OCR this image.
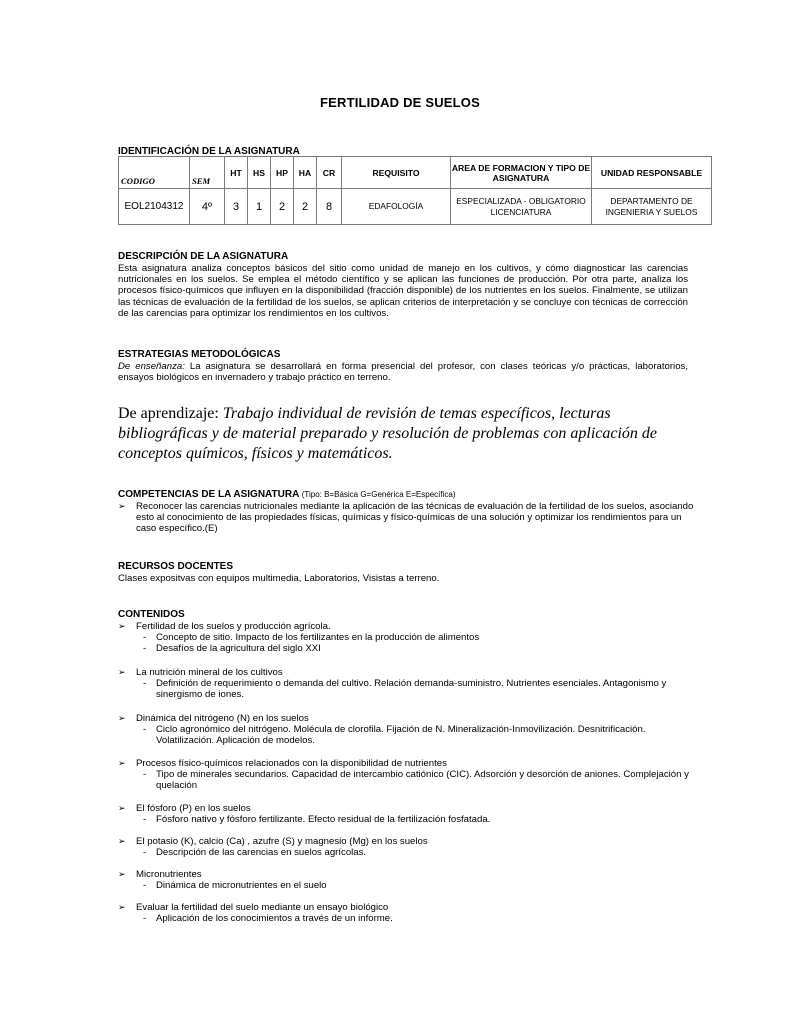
FERTILIDAD DE SUELOS
IDENTIFICACIÓN DE LA ASIGNATURA
CODIGO	SEM	HT	HS	HP	HA	CR	REQUISITO	AREA DE FORMACION Y TIPO DE ASIGNATURA	UNIDAD RESPONSABLE
EOL2104312	4º	3	1	2	2	8	EDAFOLOGÍA	ESPECIALIZADA - OBLIGATORIO LICENCIATURA	DEPARTAMENTO DE INGENIERIA Y SUELOS
DESCRIPCIÓN DE LA ASIGNATURA
Esta asignatura analiza conceptos básicos del sitio como unidad de manejo en los cultivos, y cómo diagnosticar las carencias nutricionales en los suelos. Se emplea el método científico y se aplican las funciones de producción. Por otra parte, analiza los procesos físico-químicos que influyen en la disponibilidad (fracción disponible) de los nutrientes en los suelos. Finalmente, se utilizan las técnicas de evaluación de la fertilidad de los suelos, se aplican criterios de interpretación y se concluye con técnicas de corrección de las carencias para optimizar los rendimientos en los cultivos.
ESTRATEGIAS METODOLÓGICAS
De enseñanza: La asignatura se desarrollará en forma presencial del profesor, con clases teóricas y/o prácticas, laboratorios, ensayos biológicos en invernadero y trabajo práctico en terreno.
De aprendizaje: Trabajo individual de revisión de temas específicos, lecturas bibliográficas y de material preparado y resolución de problemas con aplicación de conceptos químicos, físicos y matemáticos.
COMPETENCIAS DE LA ASIGNATURA (Tipo: B=Básica G=Genérica E=Específica)
➢ Reconocer las carencias nutricionales mediante la aplicación de las técnicas de evaluación de la fertilidad de los suelos, asociando esto al conocimiento de las propiedades físicas, químicas y físico-químicas de una solución y optimizar los rendimientos para un caso específico.(E)
RECURSOS DOCENTES
Clases expositvas con equipos multimedia, Laboratorios, Visistas a terreno.
CONTENIDOS
➢ Fertilidad de los suelos y producción agrícola.
- Concepto de sitio. Impacto de los fertilizantes en la producción de alimentos
- Desafíos de la agricultura del siglo XXI
➢ La nutrición mineral de los cultivos
- Definición de requerimiento o demanda del cultivo. Relación demanda-suministro. Nutrientes esenciales. Antagonismo y sinergismo de iones.
➢ Dinámica del nitrógeno (N) en los suelos
- Ciclo agronómico del nitrógeno. Molécula de clorofila. Fijación de N. Mineralización-Inmovilización. Desnitrificación. Volatilización. Aplicación de modelos.
➢ Procesos físico-químicos relacionados con la disponibilidad de nutrientes
- Tipo de minerales secundarios. Capacidad de intercambio catiónico (CIC). Adsorción y desorción de aniones. Complejación y quelación
➢ El fósforo (P) en los suelos
- Fósforo nativo y fósforo fertilizante. Efecto residual de la fertilización fosfatada.
➢ El potasio (K), calcio (Ca) , azufre (S) y magnesio (Mg) en los suelos
- Descripción de las carencias en suelos agrícolas.
➢ Micronutrientes
- Dinámica de micronutrientes en el suelo
➢ Evaluar la fertilidad del suelo mediante un ensayo biológico
- Aplicación de los conocimientos a través de un informe.
